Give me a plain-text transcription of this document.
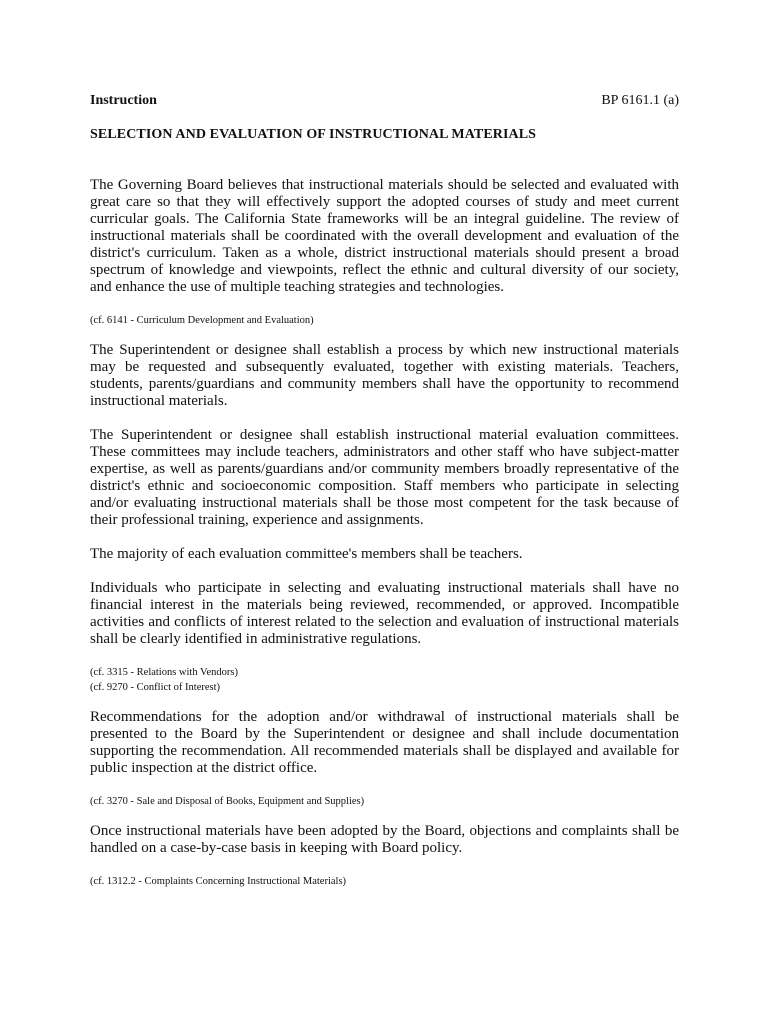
Instruction	BP 6161.1 (a)
SELECTION AND EVALUATION OF INSTRUCTIONAL MATERIALS

The Governing Board believes that instructional materials should be selected and evaluated with great care so that they will effectively support the adopted courses of study and meet current curricular goals. The California State frameworks will be an integral guideline. The review of instructional materials shall be coordinated with the overall development and evaluation of the district's curriculum. Taken as a whole, district instructional materials should present a broad spectrum of knowledge and viewpoints, reflect the ethnic and cultural diversity of our society, and enhance the use of multiple teaching strategies and technologies.

(cf. 6141 - Curriculum Development and Evaluation)

The Superintendent or designee shall establish a process by which new instructional materials may be requested and subsequently evaluated, together with existing materials. Teachers, students, parents/guardians and community members shall have the opportunity to recommend instructional materials.

The Superintendent or designee shall establish instructional material evaluation committees. These committees may include teachers, administrators and other staff who have subject-matter expertise, as well as parents/guardians and/or community members broadly representative of the district's ethnic and socioeconomic composition. Staff members who participate in selecting and/or evaluating instructional materials shall be those most competent for the task because of their professional training, experience and assignments.

The majority of each evaluation committee's members shall be teachers.

Individuals who participate in selecting and evaluating instructional materials shall have no financial interest in the materials being reviewed, recommended, or approved. Incompatible activities and conflicts of interest related to the selection and evaluation of instructional materials shall be clearly identified in administrative regulations.

(cf. 3315 - Relations with Vendors)
(cf. 9270 - Conflict of Interest)

Recommendations for the adoption and/or withdrawal of instructional materials shall be presented to the Board by the Superintendent or designee and shall include documentation supporting the recommendation. All recommended materials shall be displayed and available for public inspection at the district office.

(cf. 3270 - Sale and Disposal of Books, Equipment and Supplies)

Once instructional materials have been adopted by the Board, objections and complaints shall be handled on a case-by-case basis in keeping with Board policy.

(cf. 1312.2 - Complaints Concerning Instructional Materials)
